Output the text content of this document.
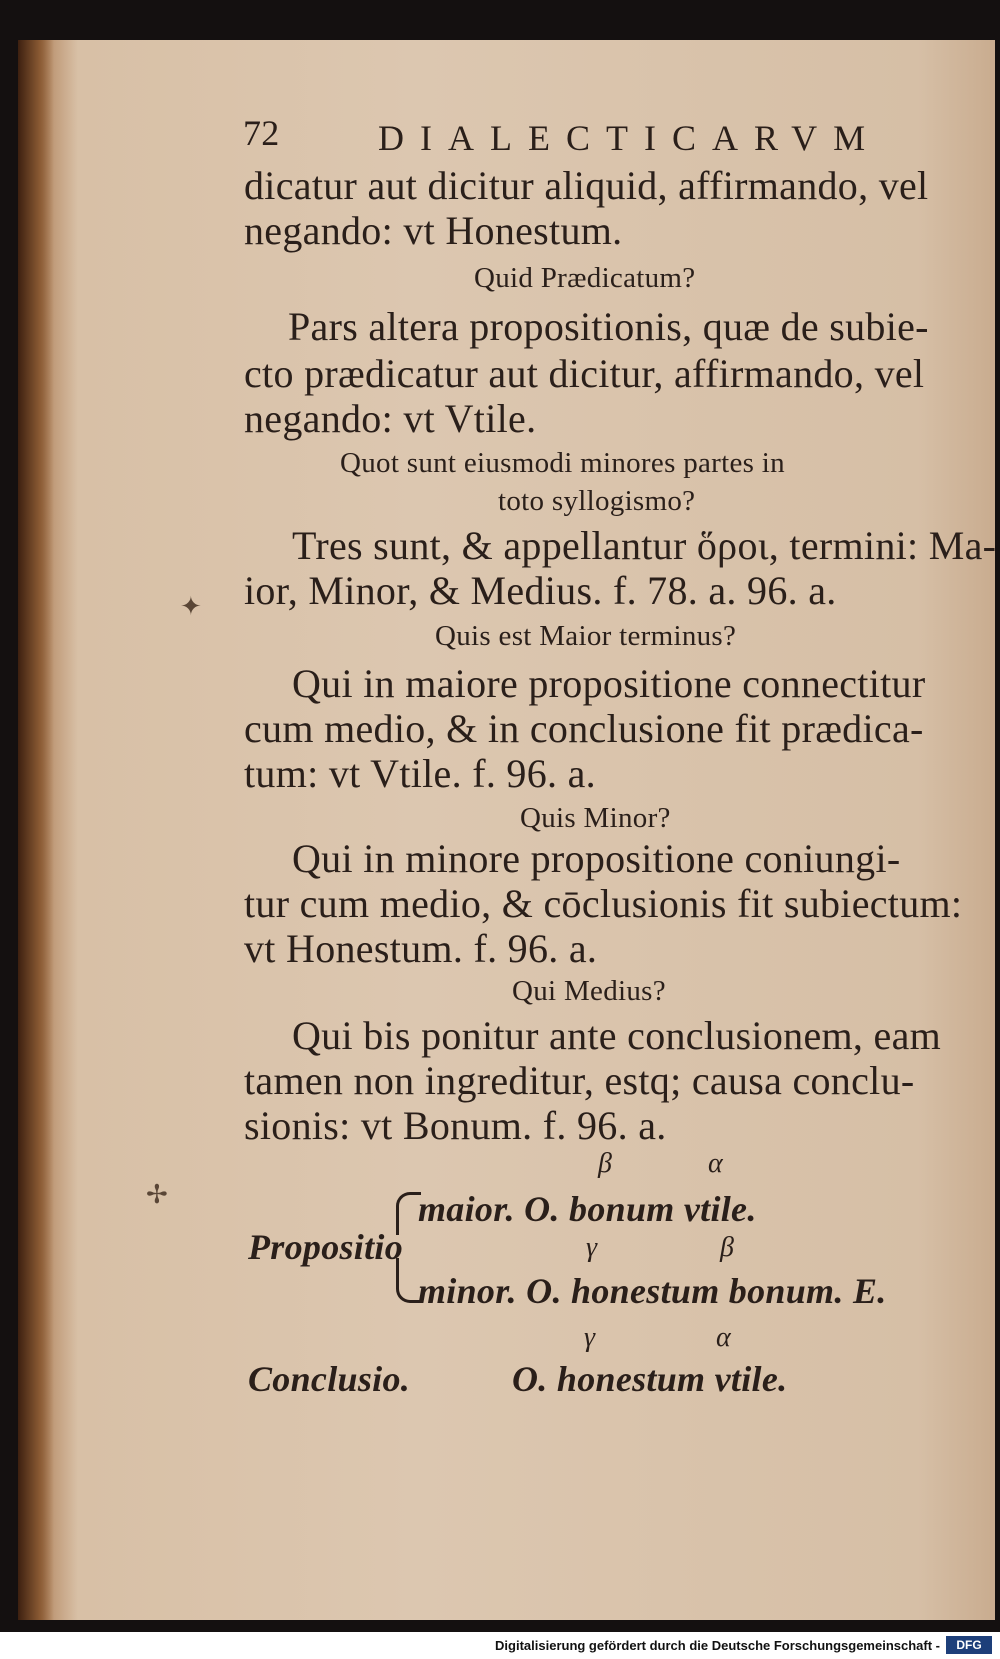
72	DIALECTICARVM
dicatur aut dicitur aliquid, affirmando, vel
negando: vt Honestum.
Quid Prædicatum?
Pars altera propositionis, quæ de subie-
cto prædicatur aut dicitur, affirmando, vel
negando: vt Vtile.
Quot sunt eiusmodi minores partes in
toto syllogismo?
Tres sunt, & appellantur ὅροι, termini: Ma-
ior, Minor, & Medius. f. 78. a. 96. a.
Quis est Maior terminus?
Qui in maiore propositione connectitur
cum medio, & in conclusione fit prædica-
tum: vt Vtile. f. 96. a.
Quis Minor?
Qui in minore propositione coniungi-
tur cum medio, & cōclusionis fit subiectum:
vt Honestum. f. 96. a.
Qui Medius?
Qui bis ponitur ante conclusionem, eam
tamen non ingreditur, estq; causa conclu-
sionis: vt Bonum. f. 96. a.
β	α
maior. O. bonum vtile.
Propositio	γ	β
minor. O. honestum bonum. E.
γ	α
Conclusio.	O. honestum vtile.
✦
✢
Digitalisierung gefördert durch die Deutsche Forschungsgemeinschaft -	DFG
